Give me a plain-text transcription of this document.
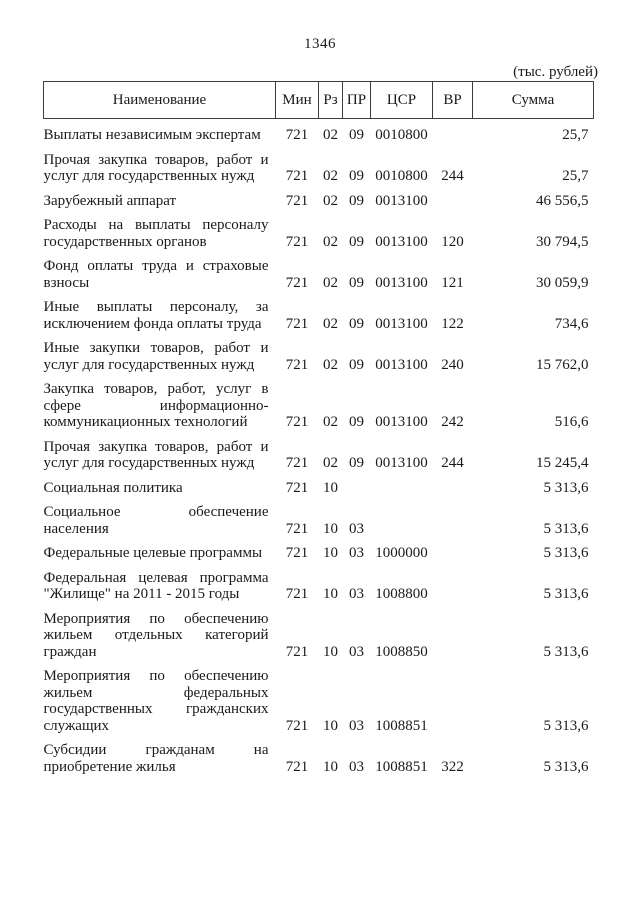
1346
(тыс. рублей)
Наименование	Мин	Рз	ПР	ЦСР	ВР	Сумма
Выплаты независимым экспертам	721	02	09	0010800		25,7
Прочая закупка товаров, работ и услуг для государственных нужд	721	02	09	0010800	244	25,7
Зарубежный аппарат	721	02	09	0013100		46 556,5
Расходы на выплаты персоналу государственных органов	721	02	09	0013100	120	30 794,5
Фонд оплаты труда и страховые взносы	721	02	09	0013100	121	30 059,9
Иные выплаты персоналу, за исключением фонда оплаты труда	721	02	09	0013100	122	734,6
Иные закупки товаров, работ и услуг для государственных нужд	721	02	09	0013100	240	15 762,0
Закупка товаров, работ, услуг в сфере информационно-коммуникационных технологий	721	02	09	0013100	242	516,6
Прочая закупка товаров, работ и услуг для государственных нужд	721	02	09	0013100	244	15 245,4
Социальная политика	721	10				5 313,6
Социальное обеспечение населения	721	10	03			5 313,6
Федеральные целевые программы	721	10	03	1000000		5 313,6
Федеральная целевая программа "Жилище" на 2011 - 2015 годы	721	10	03	1008800		5 313,6
Мероприятия по обеспечению жильем отдельных категорий граждан	721	10	03	1008850		5 313,6
Мероприятия по обеспечению жильем федеральных государственных гражданских служащих	721	10	03	1008851		5 313,6
Субсидии гражданам на приобретение жилья	721	10	03	1008851	322	5 313,6
